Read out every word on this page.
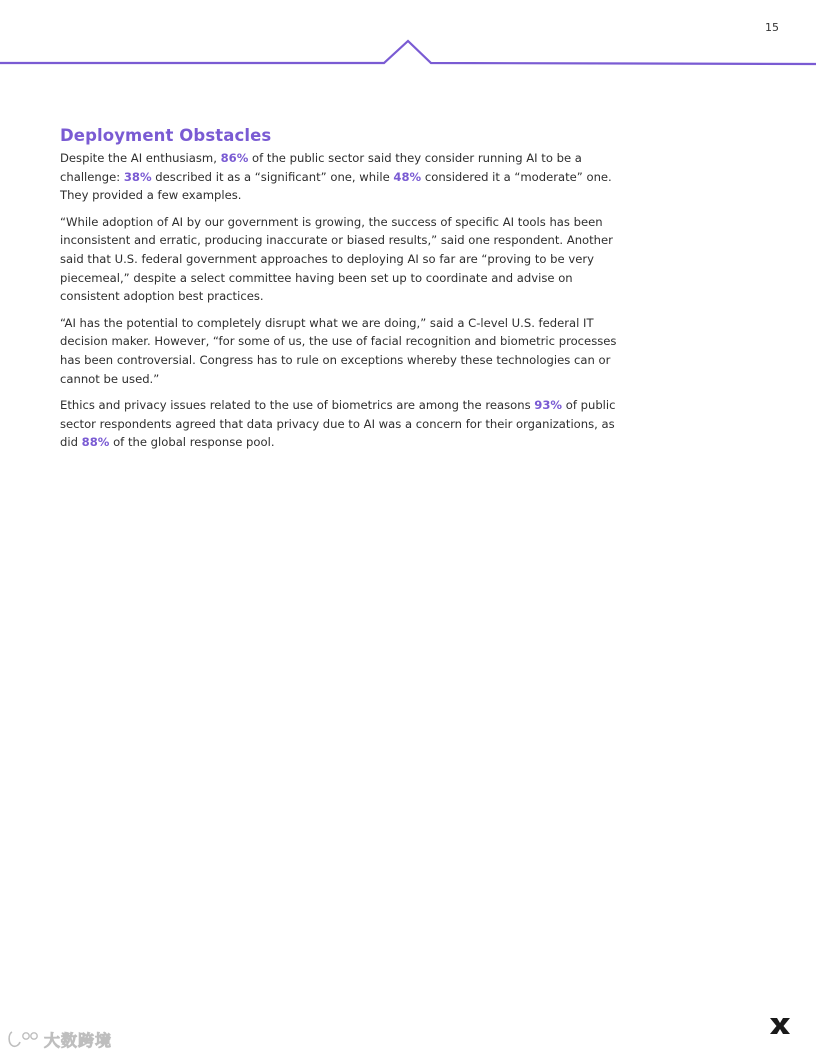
15
Deployment Obstacles

Despite the AI enthusiasm, 86% of the public sector said they consider running AI to be a challenge: 38% described it as a “significant” one, while 48% considered it a “moderate” one. They provided a few examples.

“While adoption of AI by our government is growing, the success of specific AI tools has been inconsistent and erratic, producing inaccurate or biased results,” said one respondent. Another said that U.S. federal government approaches to deploying AI so far are “proving to be very piecemeal,” despite a select committee having been set up to coordinate and advise on consistent adoption best practices.

“AI has the potential to completely disrupt what we are doing,” said a C-level U.S. federal IT decision maker. However, “for some of us, the use of facial recognition and biometric processes has been controversial. Congress has to rule on exceptions whereby these technologies can or cannot be used.”

Ethics and privacy issues related to the use of biometrics are among the reasons 93% of public sector respondents agreed that data privacy due to AI was a concern for their organizations, as did 88% of the global response pool.

大数跨境
